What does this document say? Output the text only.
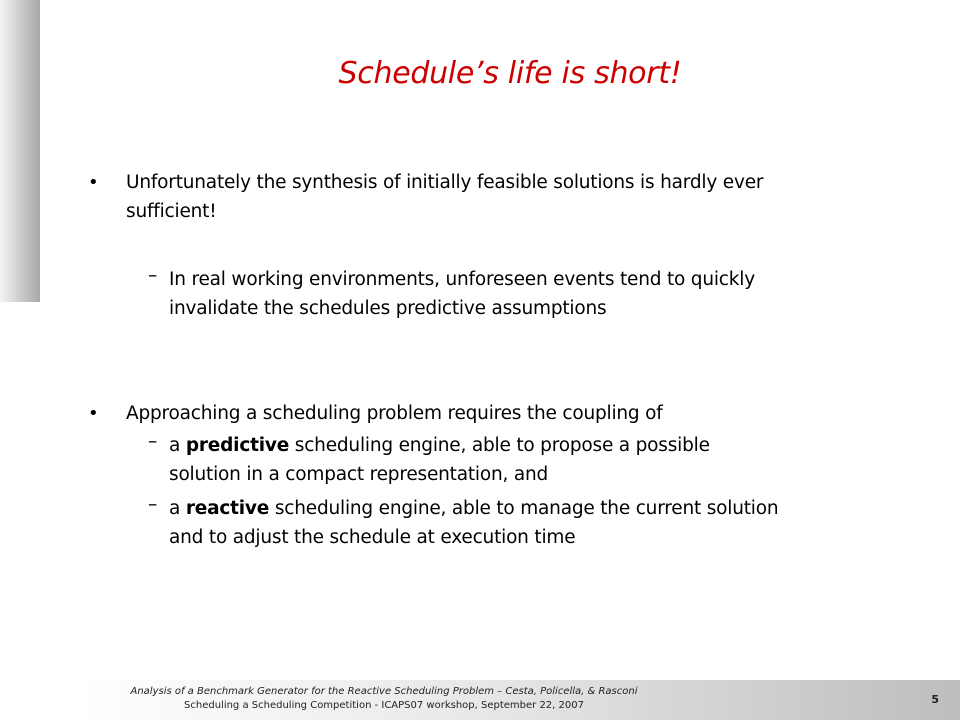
Schedule’s life is short!
• Unfortunately the synthesis of initially feasible solutions is hardly ever
sufficient!
– In real working environments, unforeseen events tend to quickly
invalidate the schedules predictive assumptions
• Approaching a scheduling problem requires the coupling of
– a predictive scheduling engine, able to propose a possible
solution in a compact representation, and
– a reactive scheduling engine, able to manage the current solution
and to adjust the schedule at execution time
Analysis of a Benchmark Generator for the Reactive Scheduling Problem – Cesta, Policella, & Rasconi
Scheduling a Scheduling Competition - ICAPS07 workshop, September 22, 2007	5
